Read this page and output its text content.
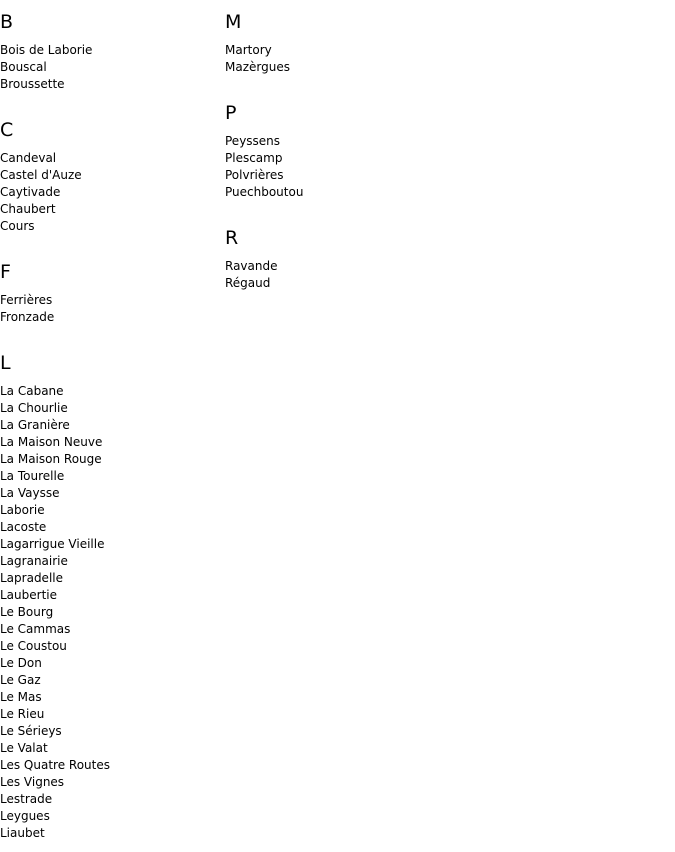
B
Bois de Laborie
Bouscal
Broussette
C
Candeval
Castel d'Auze
Caytivade
Chaubert
Cours
F
Ferrières
Fronzade
L
La Cabane
La Chourlie
La Granière
La Maison Neuve
La Maison Rouge
La Tourelle
La Vaysse
Laborie
Lacoste
Lagarrigue Vieille
Lagranairie
Lapradelle
Laubertie
Le Bourg
Le Cammas
Le Coustou
Le Don
Le Gaz
Le Mas
Le Rieu
Le Sérieys
Le Valat
Les Quatre Routes
Les Vignes
Lestrade
Leygues
Liaubet
M
Martory
Mazèrgues
P
Peyssens
Plescamp
Polvrières
Puechboutou
R
Ravande
Régaud
